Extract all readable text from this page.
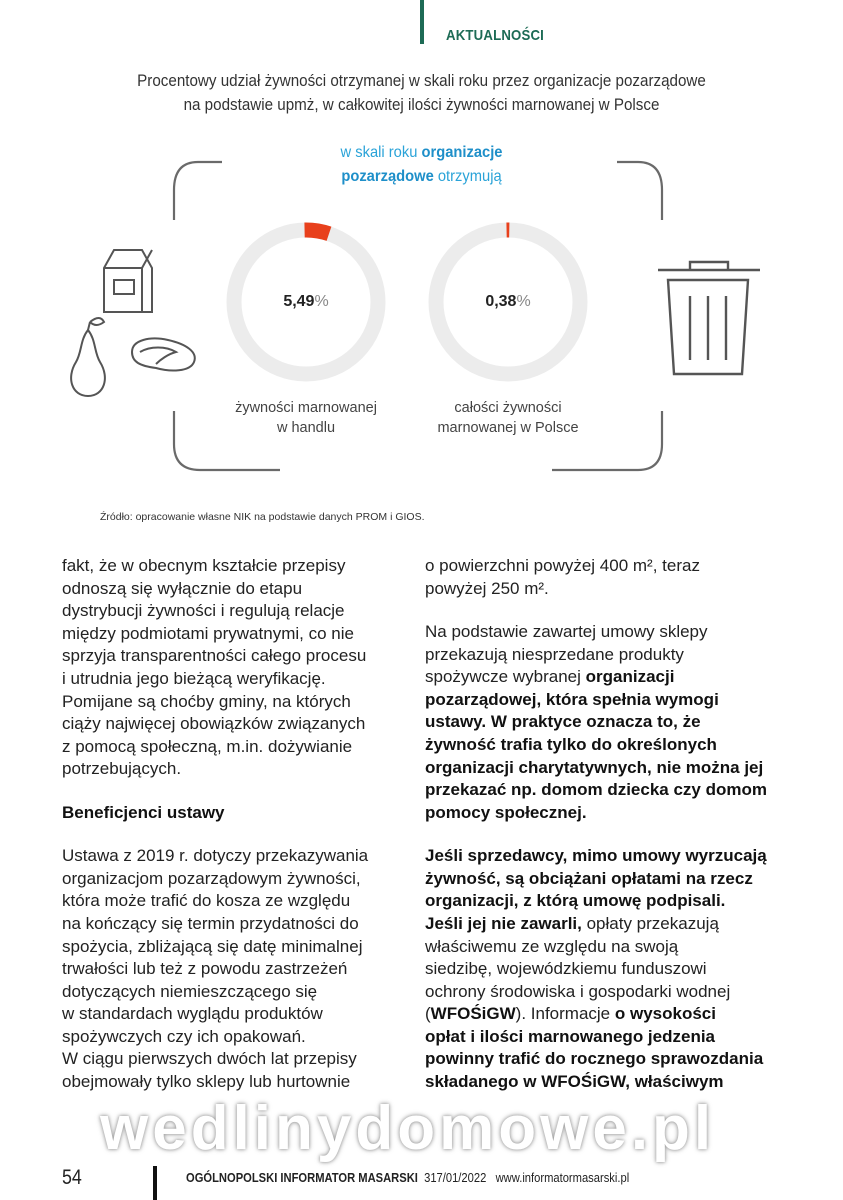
AKTUALNOŚCI
Procentowy udział żywności otrzymanej w skali roku przez organizacje pozarządowe
na podstawie upmż, w całkowitej ilości żywności marnowanej w Polsce
w skali roku organizacje
pozarządowe otrzymują
5,49%	0,38%
żywności marnowanej
w handlu
całości żywności
marnowanej w Polsce
Źródło: opracowanie własne NIK na podstawie danych PROM i GIOS.
fakt, że w obecnym kształcie przepisy
odnoszą się wyłącznie do etapu
dystrybucji żywności i regulują relacje
między podmiotami prywatnymi, co nie
sprzyja transparentności całego procesu
i utrudnia jego bieżącą weryfikację.
Pomijane są choćby gminy, na których
ciąży najwięcej obowiązków związanych
z pomocą społeczną, m.in. dożywianie
potrzebujących.
Beneficjenci ustawy
Ustawa z 2019 r. dotyczy przekazywania
organizacjom pozarządowym żywności,
która może trafić do kosza ze względu
na kończący się termin przydatności do
spożycia, zbliżającą się datę minimalnej
trwałości lub też z powodu zastrzeżeń
dotyczących niemieszczącego się
w standardach wyglądu produktów
spożywczych czy ich opakowań.
W ciągu pierwszych dwóch lat przepisy
obejmowały tylko sklepy lub hurtownie
o powierzchni powyżej 400 m², teraz
powyżej 250 m².
Na podstawie zawartej umowy sklepy
przekazują niesprzedane produkty
spożywcze wybranej organizacji
pozarządowej, która spełnia wymogi
ustawy. W praktyce oznacza to, że
żywność trafia tylko do określonych
organizacji charytatywnych, nie można jej
przekazać np. domom dziecka czy domom
pomocy społecznej.
Jeśli sprzedawcy, mimo umowy wyrzucają
żywność, są obciążani opłatami na rzecz
organizacji, z którą umowę podpisali.
Jeśli jej nie zawarli, opłaty przekazują
właściwemu ze względu na swoją
siedzibę, wojewódzkiemu funduszowi
ochrony środowiska i gospodarki wodnej
(WFOŚiGW). Informacje o wysokości
opłat i ilości marnowanego jedzenia
powinny trafić do rocznego sprawozdania
składanego w WFOŚiGW, właściwym
wedlinydomowe.pl
54	OGÓLNOPOLSKI INFORMATOR MASARSKI 317/01/2022 www.informatormasarski.pl
